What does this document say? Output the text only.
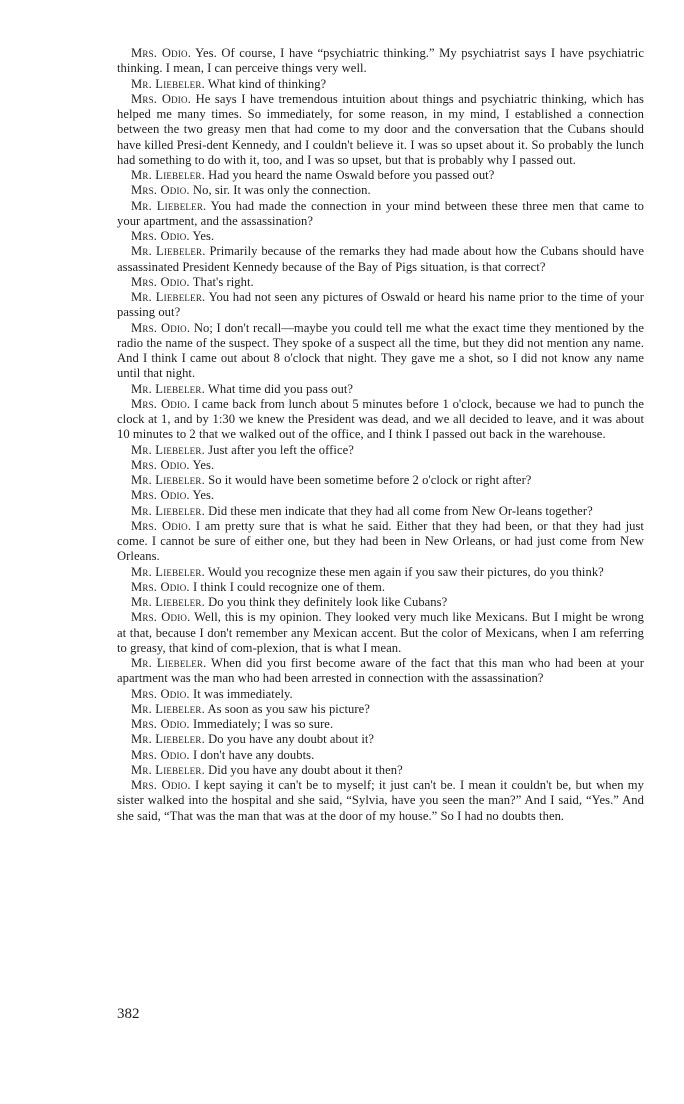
Mrs. Odio. Yes. Of course, I have “psychiatric thinking.” My psychiatrist says I have psychiatric thinking. I mean, I can perceive things very well.

Mr. Liebeler. What kind of thinking?

Mrs. Odio. He says I have tremendous intuition about things and psychiatric thinking, which has helped me many times. So immediately, for some reason, in my mind, I established a connection between the two greasy men that had come to my door and the conversation that the Cubans should have killed Presi-dent Kennedy, and I couldn't believe it. I was so upset about it. So probably the lunch had something to do with it, too, and I was so upset, but that is probably why I passed out.

Mr. Liebeler. Had you heard the name Oswald before you passed out?

Mrs. Odio. No, sir. It was only the connection.

Mr. Liebeler. You had made the connection in your mind between these three men that came to your apartment, and the assassination?

Mrs. Odio. Yes.

Mr. Liebeler. Primarily because of the remarks they had made about how the Cubans should have assassinated President Kennedy because of the Bay of Pigs situation, is that correct?

Mrs. Odio. That's right.

Mr. Liebeler. You had not seen any pictures of Oswald or heard his name prior to the time of your passing out?

Mrs. Odio. No; I don't recall—maybe you could tell me what the exact time they mentioned by the radio the name of the suspect. They spoke of a suspect all the time, but they did not mention any name. And I think I came out about 8 o'clock that night. They gave me a shot, so I did not know any name until that night.

Mr. Liebeler. What time did you pass out?

Mrs. Odio. I came back from lunch about 5 minutes before 1 o'clock, because we had to punch the clock at 1, and by 1:30 we knew the President was dead, and we all decided to leave, and it was about 10 minutes to 2 that we walked out of the office, and I think I passed out back in the warehouse.

Mr. Liebeler. Just after you left the office?

Mrs. Odio. Yes.

Mr. Liebeler. So it would have been sometime before 2 o'clock or right after?

Mrs. Odio. Yes.

Mr. Liebeler. Did these men indicate that they had all come from New Or-leans together?

Mrs. Odio. I am pretty sure that is what he said. Either that they had been, or that they had just come. I cannot be sure of either one, but they had been in New Orleans, or had just come from New Orleans.

Mr. Liebeler. Would you recognize these men again if you saw their pictures, do you think?

Mrs. Odio. I think I could recognize one of them.

Mr. Liebeler. Do you think they definitely look like Cubans?

Mrs. Odio. Well, this is my opinion. They looked very much like Mexicans. But I might be wrong at that, because I don't remember any Mexican accent. But the color of Mexicans, when I am referring to greasy, that kind of com-plexion, that is what I mean.

Mr. Liebeler. When did you first become aware of the fact that this man who had been at your apartment was the man who had been arrested in connection with the assassination?

Mrs. Odio. It was immediately.

Mr. Liebeler. As soon as you saw his picture?

Mrs. Odio. Immediately; I was so sure.

Mr. Liebeler. Do you have any doubt about it?

Mrs. Odio. I don't have any doubts.

Mr. Liebeler. Did you have any doubt about it then?

Mrs. Odio. I kept saying it can't be to myself; it just can't be. I mean it couldn't be, but when my sister walked into the hospital and she said, “Sylvia, have you seen the man?” And I said, “Yes.” And she said, “That was the man that was at the door of my house.” So I had no doubts then.

382
